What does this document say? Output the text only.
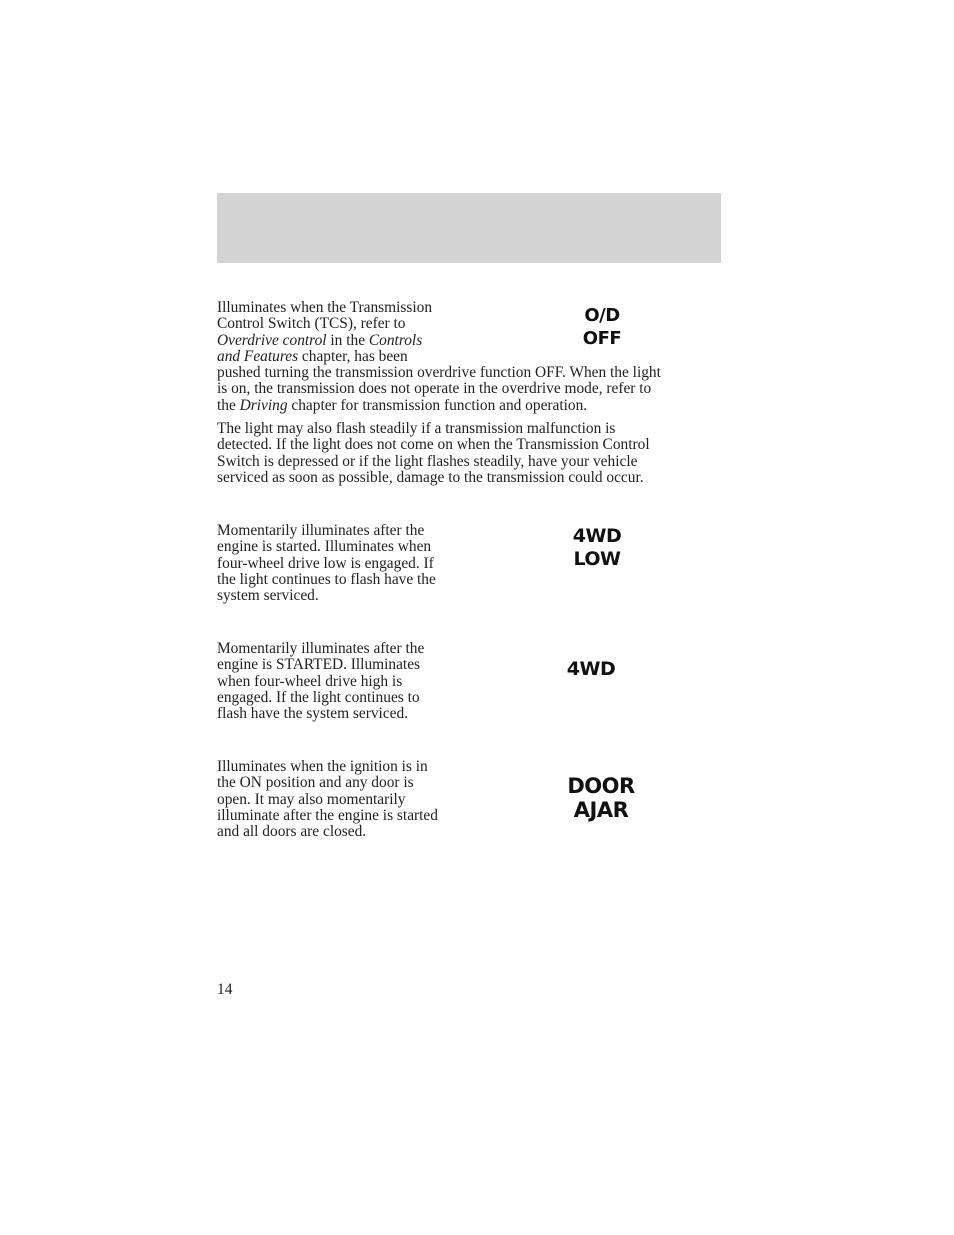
Illuminates when the Transmission
Control Switch (TCS), refer to
Overdrive control in the Controls
and Features chapter, has been
pushed turning the transmission overdrive function OFF. When the light
is on, the transmission does not operate in the overdrive mode, refer to
the Driving chapter for transmission function and operation.
O/D
OFF
The light may also flash steadily if a transmission malfunction is
detected. If the light does not come on when the Transmission Control
Switch is depressed or if the light flashes steadily, have your vehicle
serviced as soon as possible, damage to the transmission could occur.
Momentarily illuminates after the
engine is started. Illuminates when
four-wheel drive low is engaged. If
the light continues to flash have the
system serviced.
4WD
LOW
Momentarily illuminates after the
engine is STARTED. Illuminates
when four-wheel drive high is
engaged. If the light continues to
flash have the system serviced.
4WD
Illuminates when the ignition is in
the ON position and any door is
open. It may also momentarily
illuminate after the engine is started
and all doors are closed.
DOOR
AJAR
14
